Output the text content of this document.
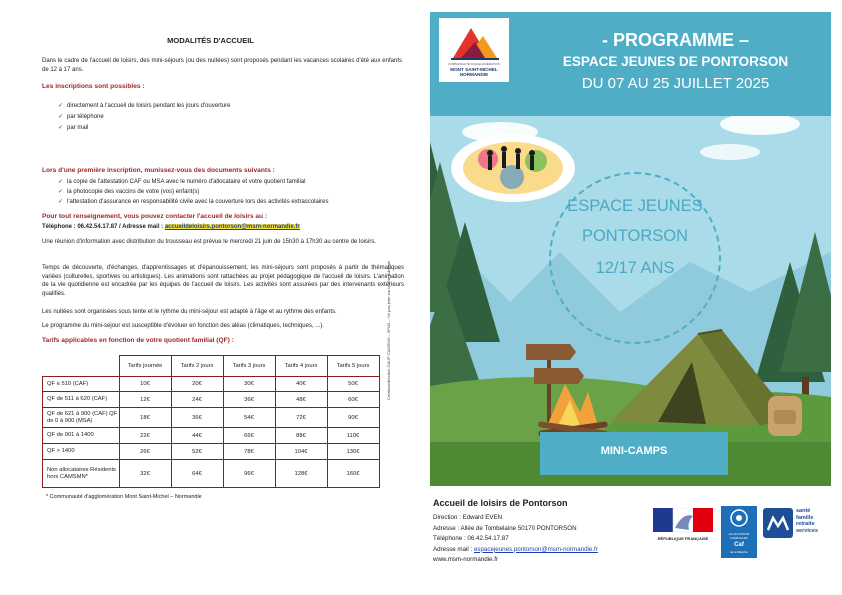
MODALITÉS D'ACCUEIL
Dans le cadre de l'accueil de loisirs, des mini-séjours (ou des nuitées) sont proposés pendant les vacances scolaires d'été aux enfants de 12 à 17 ans.
Les inscriptions sont possibles :
✓ directement à l'accueil de loisirs pendant les jours d'ouverture
✓ par téléphone
✓ par mail
Lors d'une première inscription, munissez-vous des documents suivants :
✓ la copie de l'attestation CAF ou MSA avec le numéro d'allocataire et votre quotient familial
✓ la photocopie des vaccins de votre (vos) enfant(s)
✓ l'attestation d'assurance en responsabilité civile avec la couverture lors des activités extrascolaires
Pour tout renseignement, vous pouvez contacter l'accueil de loisirs au :
Téléphone : 06.42.54.17.87 / Adresse mail : accueildeloisirs.pontorson@msm-normandie.fr
Une réunion d'information avec distribution du trousseau est prévue le mercredi 21 juin de 15h30 à 17h30 au centre de loisirs.
Temps de découverte, d'échanges, d'apprentissages et d'épanouissement, les mini-séjours sont proposés à partir de thématiques variées (culturelles, sportives ou artistiques). Les animations sont rattachées au projet pédagogique de l'accueil de loisirs. L'animation de la vie quotidienne est encadrée par les équipes de l'accueil de loisirs. Les activités sont assurées par des intervenants extérieurs qualifiés.
Les nuitées sont organisées sous tente et le rythme du mini-séjour est adapté à l'âge et au rythme des enfants.
Le programme du mini-séjour est susceptible d'évoluer en fonction des aléas (climatiques, techniques, ...).
Tarifs applicables en fonction de votre quotient familial (QF) :
	Tarifs journée	Tarifs 2 jours	Tarifs 3 jours	Tarifs 4 jours	Tarifs 5 jours
QF ≤ 510 (CAF)	10€	20€	30€	40€	50€
QF de 511 à 620 (CAF)	12€	24€	36€	48€	60€
QF de 621 à 900 (CAF) QF de 0 à 900 (MSA)	18€	36€	54€	72€	90€
QF de 901 à 1400	22€	44€	66€	88€	110€
QF > 1400	26€	52€	78€	104€	130€
Non allocataires Résidents hors CAMSMN*	32€	64€	96€	128€	160€
* Communauté d'agglomération Mont Saint-Michel – Normandie
Création/direction GAUP CAMSMN – 6P/45 – Ne pas jeter sur la voie publique
COMMUNAUTÉ D'AGGLOMÉRATION
MONT SAINT-MICHEL
NORMANDIE
- PROGRAMME –
ESPACE JEUNES DE PONTORSON
DU 07 AU 25 JUILLET 2025
ESPACE JEUNES
PONTORSON
12/17 ANS
MINI-CAMPS
Accueil de loisirs de Pontorson
Direction : Edward EVEN
Adresse : Allée de Tombelaine 50170 PONTORSON
Téléphone : 06.42.54.17.87
Adresse mail : espacejeunes.pontorson@msm-normandie.fr
www.msm-normandie.fr
RÉPUBLIQUE FRANÇAISE
ALLOCATIONS FAMILIALES
Caf
de la Manche
santé
famille
retraite
services
